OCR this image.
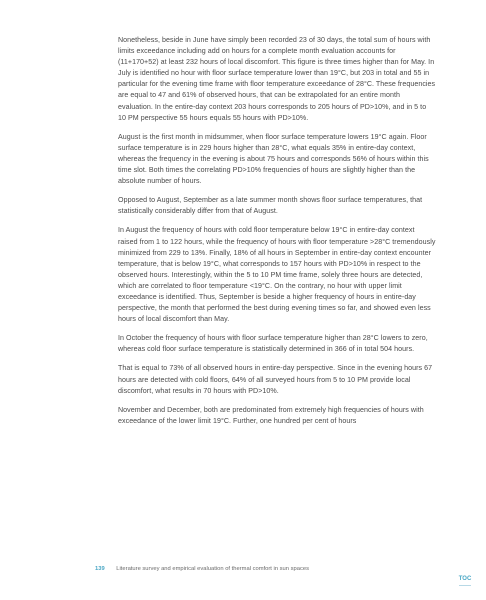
Nonetheless, beside in June have simply been recorded 23 of 30 days, the total sum of hours with limits exceedance including add on hours for a complete month evaluation accounts for (11+170+52) at least 232 hours of local discomfort. This figure is three times higher than for May. In July is identified no hour with floor surface temperature lower than 19°C, but 203 in total and 55 in particular for the evening time frame with floor temperature exceedance of 28°C. These frequencies are equal to 47 and 61% of observed hours, that can be extrapolated for an entire month evaluation. In the entire-day context 203 hours corresponds to 205 hours of PD>10%, and in 5 to 10 PM perspective 55 hours equals 55 hours with PD>10%.

August is the first month in midsummer, when floor surface temperature lowers 19°C again. Floor surface temperature is in 229 hours higher than 28°C, what equals 35% in entire-day context, whereas the frequency in the evening is about 75 hours and corresponds 56% of hours within this time slot. Both times the correlating PD>10% frequencies of hours are slightly higher than the absolute number of hours.

Opposed to August, September as a late summer month shows floor surface temperatures, that statistically considerably differ from that of August.

In August the frequency of hours with cold floor temperature below 19°C in entire-day context raised from 1 to 122 hours, while the frequency of hours with floor temperature >28°C tremendously minimized from 229 to 13%. Finally, 18% of all hours in September in entire-day context encounter temperature, that is below 19°C, what corresponds to 157 hours with PD>10% in respect to the observed hours. Interestingly, within the 5 to 10 PM time frame, solely three hours are detected, which are correlated to floor temperature <19°C. On the contrary, no hour with upper limit exceedance is identified. Thus, September is beside a higher frequency of hours in entire-day perspective, the month that performed the best during evening times so far, and showed even less hours of local discomfort than May.

In October the frequency of hours with floor surface temperature higher than 28°C lowers to zero, whereas cold floor surface temperature is statistically determined in 366 of in total 504 hours.

That is equal to 73% of all observed hours in entire-day perspective. Since in the evening hours 67 hours are detected with cold floors, 64% of all surveyed hours from 5 to 10 PM provide local discomfort, what results in 70 hours with PD>10%.

November and December, both are predominated from extremely high frequencies of hours with exceedance of the lower limit 19°C. Further, one hundred per cent of hours

139 Literature survey and empirical evaluation of thermal comfort in sun spaces
TOC
